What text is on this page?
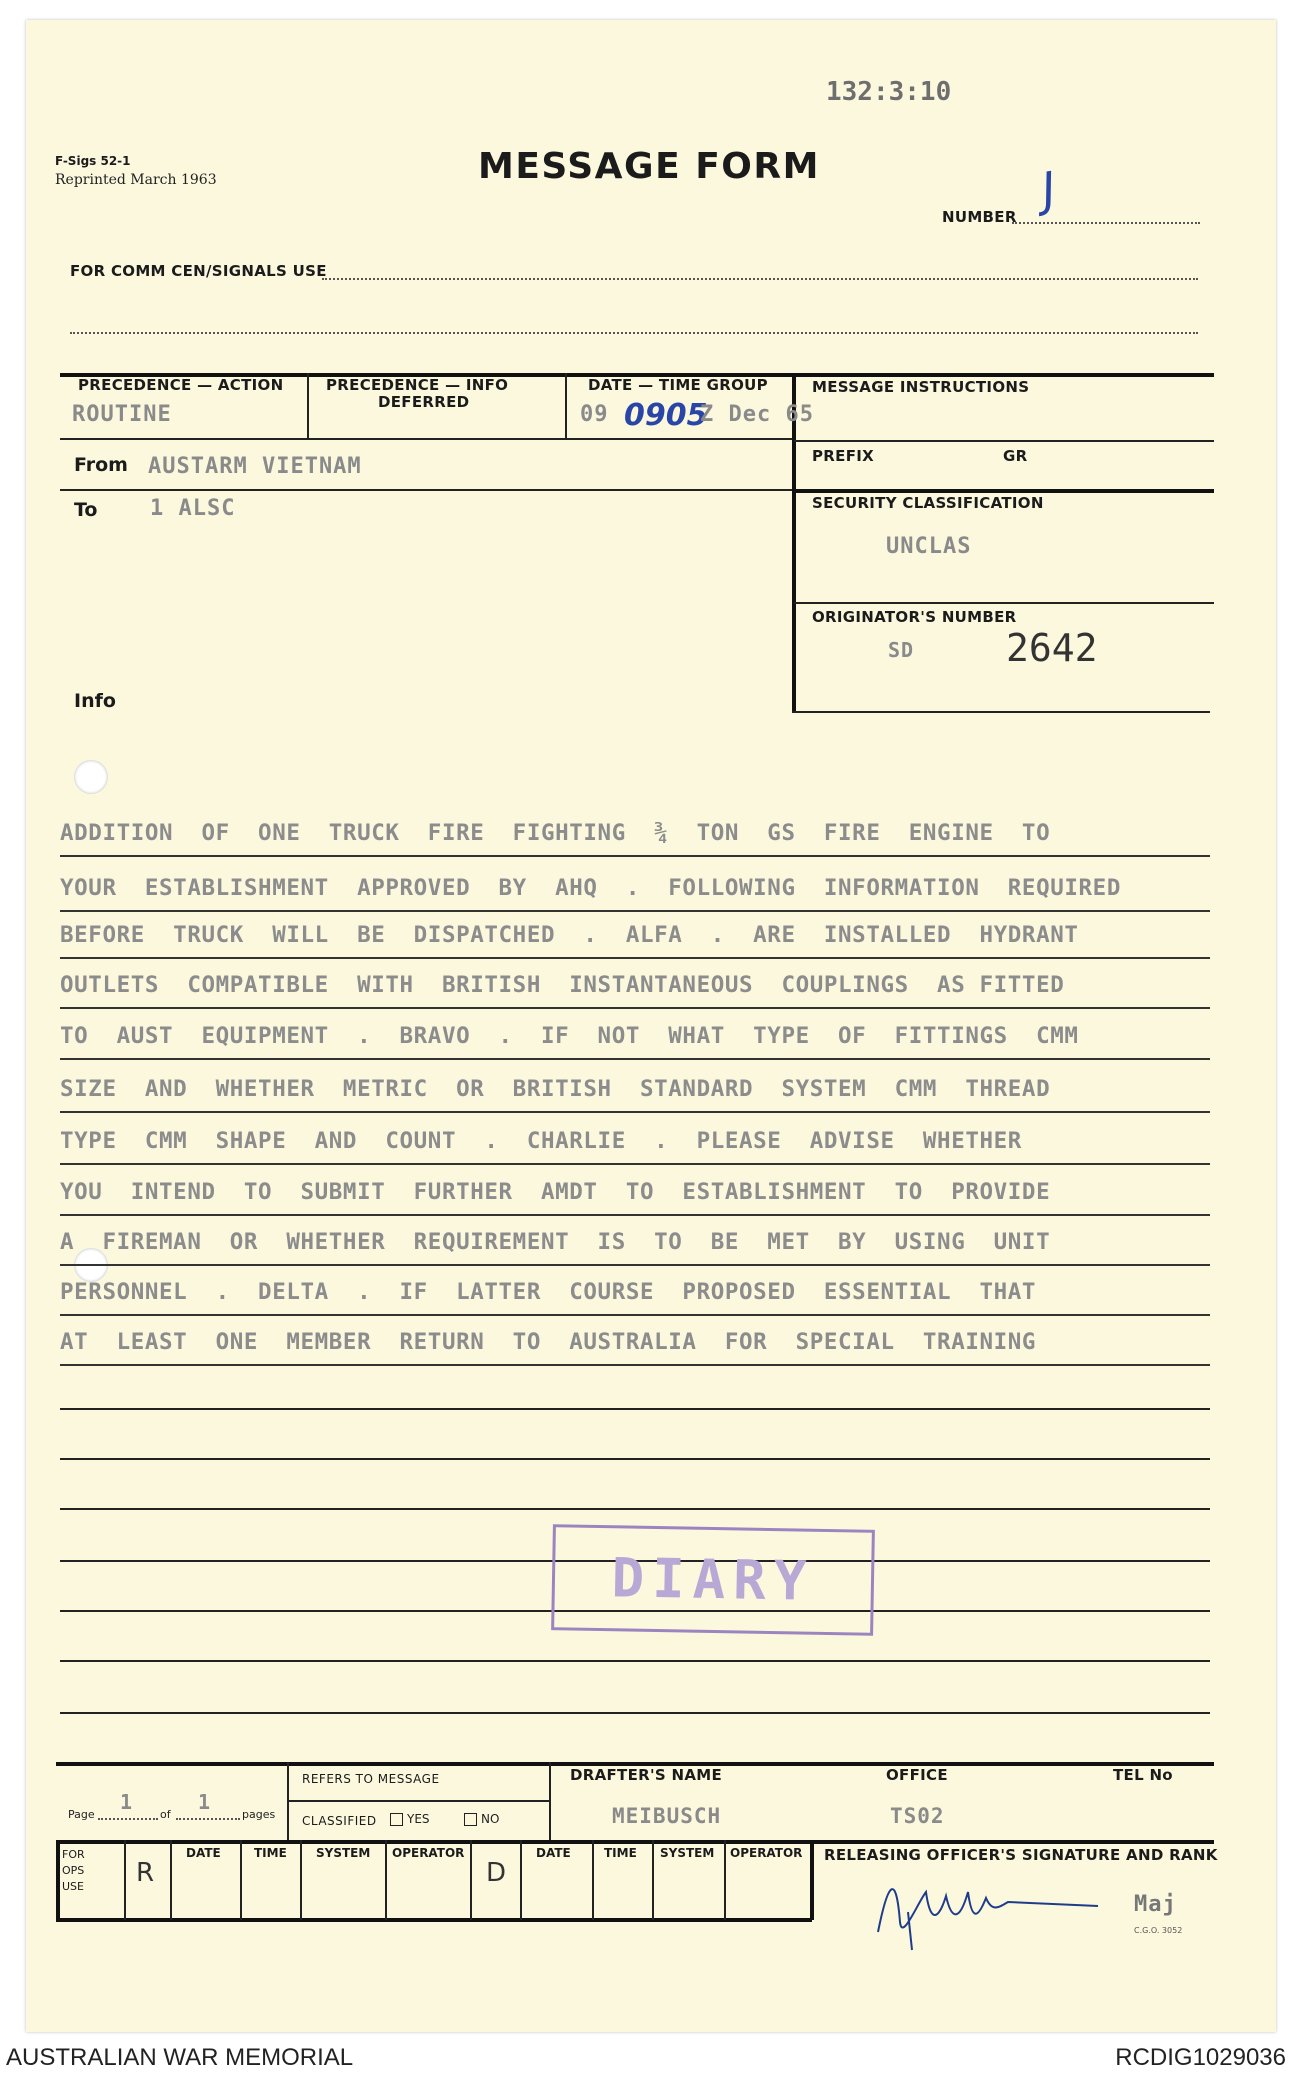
F-Sigs 52-1
Reprinted March 1963
132:3:10
MESSAGE FORM
NUMBER
J
FOR COMM CEN/SIGNALS USE
PRECEDENCE — ACTION
ROUTINE
PRECEDENCE — INFO
DEFERRED
DATE — TIME GROUP
09 0905
Z Dec 65
MESSAGE INSTRUCTIONS
PREFIX	GR
From AUSTARM VIETNAM
To 1 ALSC
Info
SECURITY CLASSIFICATION
UNCLAS
ORIGINATOR'S NUMBER
SD 2642
ADDITION  OF  ONE  TRUCK  FIRE  FIGHTING  ¾  TON  GS  FIRE  ENGINE  TO
YOUR  ESTABLISHMENT  APPROVED  BY  AHQ  .  FOLLOWING  INFORMATION  REQUIRED
BEFORE  TRUCK  WILL  BE  DISPATCHED  .  ALFA  .  ARE  INSTALLED  HYDRANT
OUTLETS  COMPATIBLE  WITH  BRITISH  INSTANTANEOUS  COUPLINGS  AS FITTED
TO  AUST  EQUIPMENT  .  BRAVO  .  IF  NOT  WHAT  TYPE  OF  FITTINGS  CMM
SIZE  AND  WHETHER  METRIC  OR  BRITISH  STANDARD  SYSTEM  CMM  THREAD
TYPE  CMM  SHAPE  AND  COUNT  .  CHARLIE  .  PLEASE  ADVISE  WHETHER
YOU  INTEND  TO  SUBMIT  FURTHER  AMDT  TO  ESTABLISHMENT  TO  PROVIDE
A  FIREMAN  OR  WHETHER  REQUIREMENT  IS  TO  BE  MET  BY  USING  UNIT
PERSONNEL  .  DELTA  .  IF  LATTER  COURSE  PROPOSED  ESSENTIAL  THAT
AT  LEAST  ONE  MEMBER  RETURN  TO  AUSTRALIA  FOR  SPECIAL  TRAINING
DIARY
Page
1
of
1
pages
REFERS TO MESSAGE
CLASSIFIED	YES	NO
DRAFTER'S NAME
MEIBUSCH
OFFICE
TS02
TEL No
FOR
OPS
USE R
DATE	TIME SYSTEM OPERATOR
D
DATE	TIME SYSTEM OPERATOR RELEASING OFFICER'S SIGNATURE AND RANK
Maj
C.G.O. 3052
AUSTRALIAN WAR MEMORIAL	RCDIG1029036
